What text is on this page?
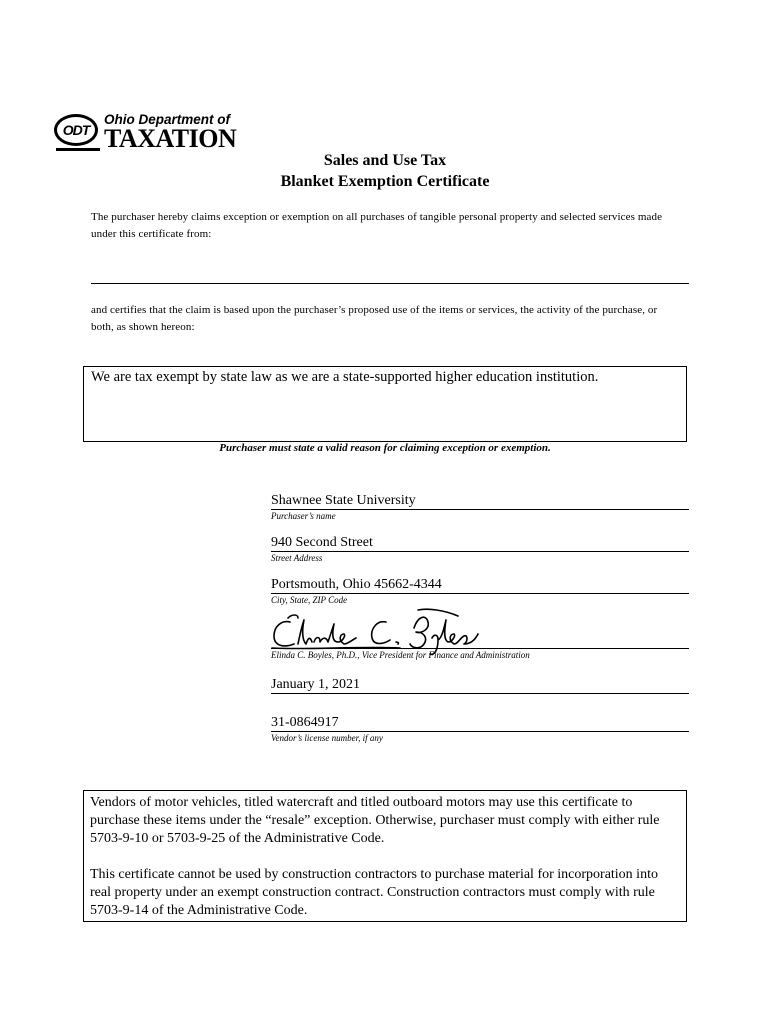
ODT
Ohio Department of
TAXATION
Sales and Use Tax
Blanket Exemption Certificate
The purchaser hereby claims exception or exemption on all purchases of tangible personal property and selected services made under this certificate from:
and certifies that the claim is based upon the purchaser’s proposed use of the items or services, the activity of the purchase, or both, as shown hereon:
We are tax exempt by state law as we are a state-supported higher education institution.
Purchaser must state a valid reason for claiming exception or exemption.
Shawnee State University
Purchaser’s name
940 Second Street
Street Address
Portsmouth, Ohio 45662-4344
City, State, ZIP Code
Elinda C. Boyles, Ph.D., Vice President for Finance and Administration
January 1, 2021
31-0864917
Vendor’s license number, if any
Vendors of motor vehicles, titled watercraft and titled outboard motors may use this certificate to purchase these items under the “resale” exception. Otherwise, purchaser must comply with either rule 5703-9-10 or 5703-9-25 of the Administrative Code.
This certificate cannot be used by construction contractors to purchase material for incorporation into real property under an exempt construction contract. Construction contractors must comply with rule 5703-9-14 of the Administrative Code.
